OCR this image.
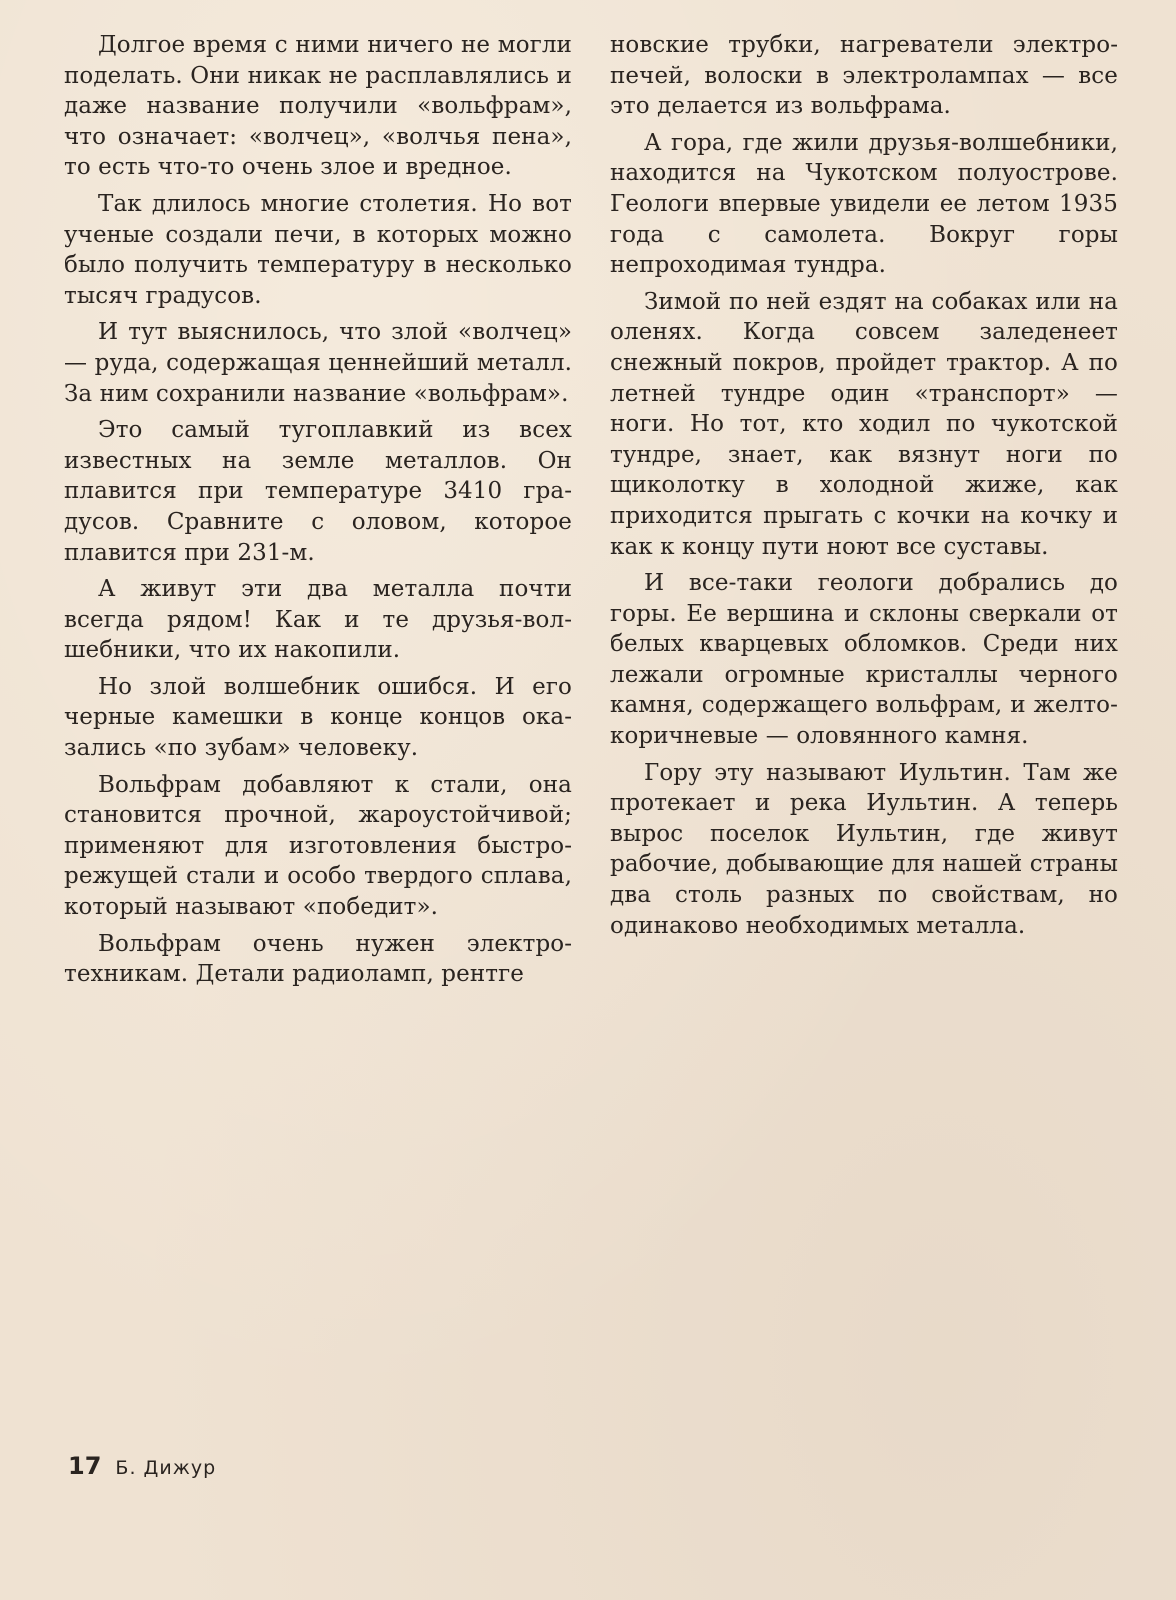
Долгое время с ними ничего не могли поделать. Они никак не расплавлялись и даже название получили «вольфрам», что означает: «волчец», «волчья пена», то есть что-то очень злое и вредное.

Так длилось многие столетия. Но вот ученые создали печи, в которых можно было получить температуру в несколько тысяч градусов.

И тут выяснилось, что злой «волчец» — руда, содержащая ценнейший металл. За ним сохранили название «вольфрам».

Это самый тугоплавкий из всех известных на земле металлов. Он плавится при температуре 3410 градусов. Сравните с оловом, которое плавится при 231-м.

А живут эти два металла почти всегда рядом! Как и те друзья-волшебники, что их накопили.

Но злой волшебник ошибся. И его черные камешки в конце концов оказались «по зубам» человеку.

Вольфрам добавляют к стали, она становится прочной, жароустойчивой; применяют для изготовления быстрорежущей стали и особо твердого сплава, который называют «победит».

Вольфрам очень нужен электротехникам. Детали радиоламп, рентге

новские трубки, нагреватели электропечей, волоски в электролампах — все это делается из вольфрама.

А гора, где жили друзья-волшебники, находится на Чукотском полуострове. Геологи впервые увидели ее летом 1935 года с самолета. Вокруг горы непроходимая тундра.

Зимой по ней ездят на собаках или на оленях. Когда совсем заледенеет снежный покров, пройдет трактор. А по летней тундре один «транспорт» — ноги. Но тот, кто ходил по чукотской тундре, знает, как вязнут ноги по щиколотку в холодной жиже, как приходится прыгать с кочки на кочку и как к концу пути ноют все суставы.

И все-таки геологи добрались до горы. Ее вершина и склоны сверкали от белых кварцевых обломков. Среди них лежали огромные кристаллы черного камня, содержащего вольфрам, и желто-коричневые — оловянного камня.

Гору эту называют Иультин. Там же протекает и река Иультин. А теперь вырос поселок Иультин, где живут рабочие, добывающие для нашей страны два столь разных по свойствам, но одинаково необходимых металла.

17 Б. Дижур
